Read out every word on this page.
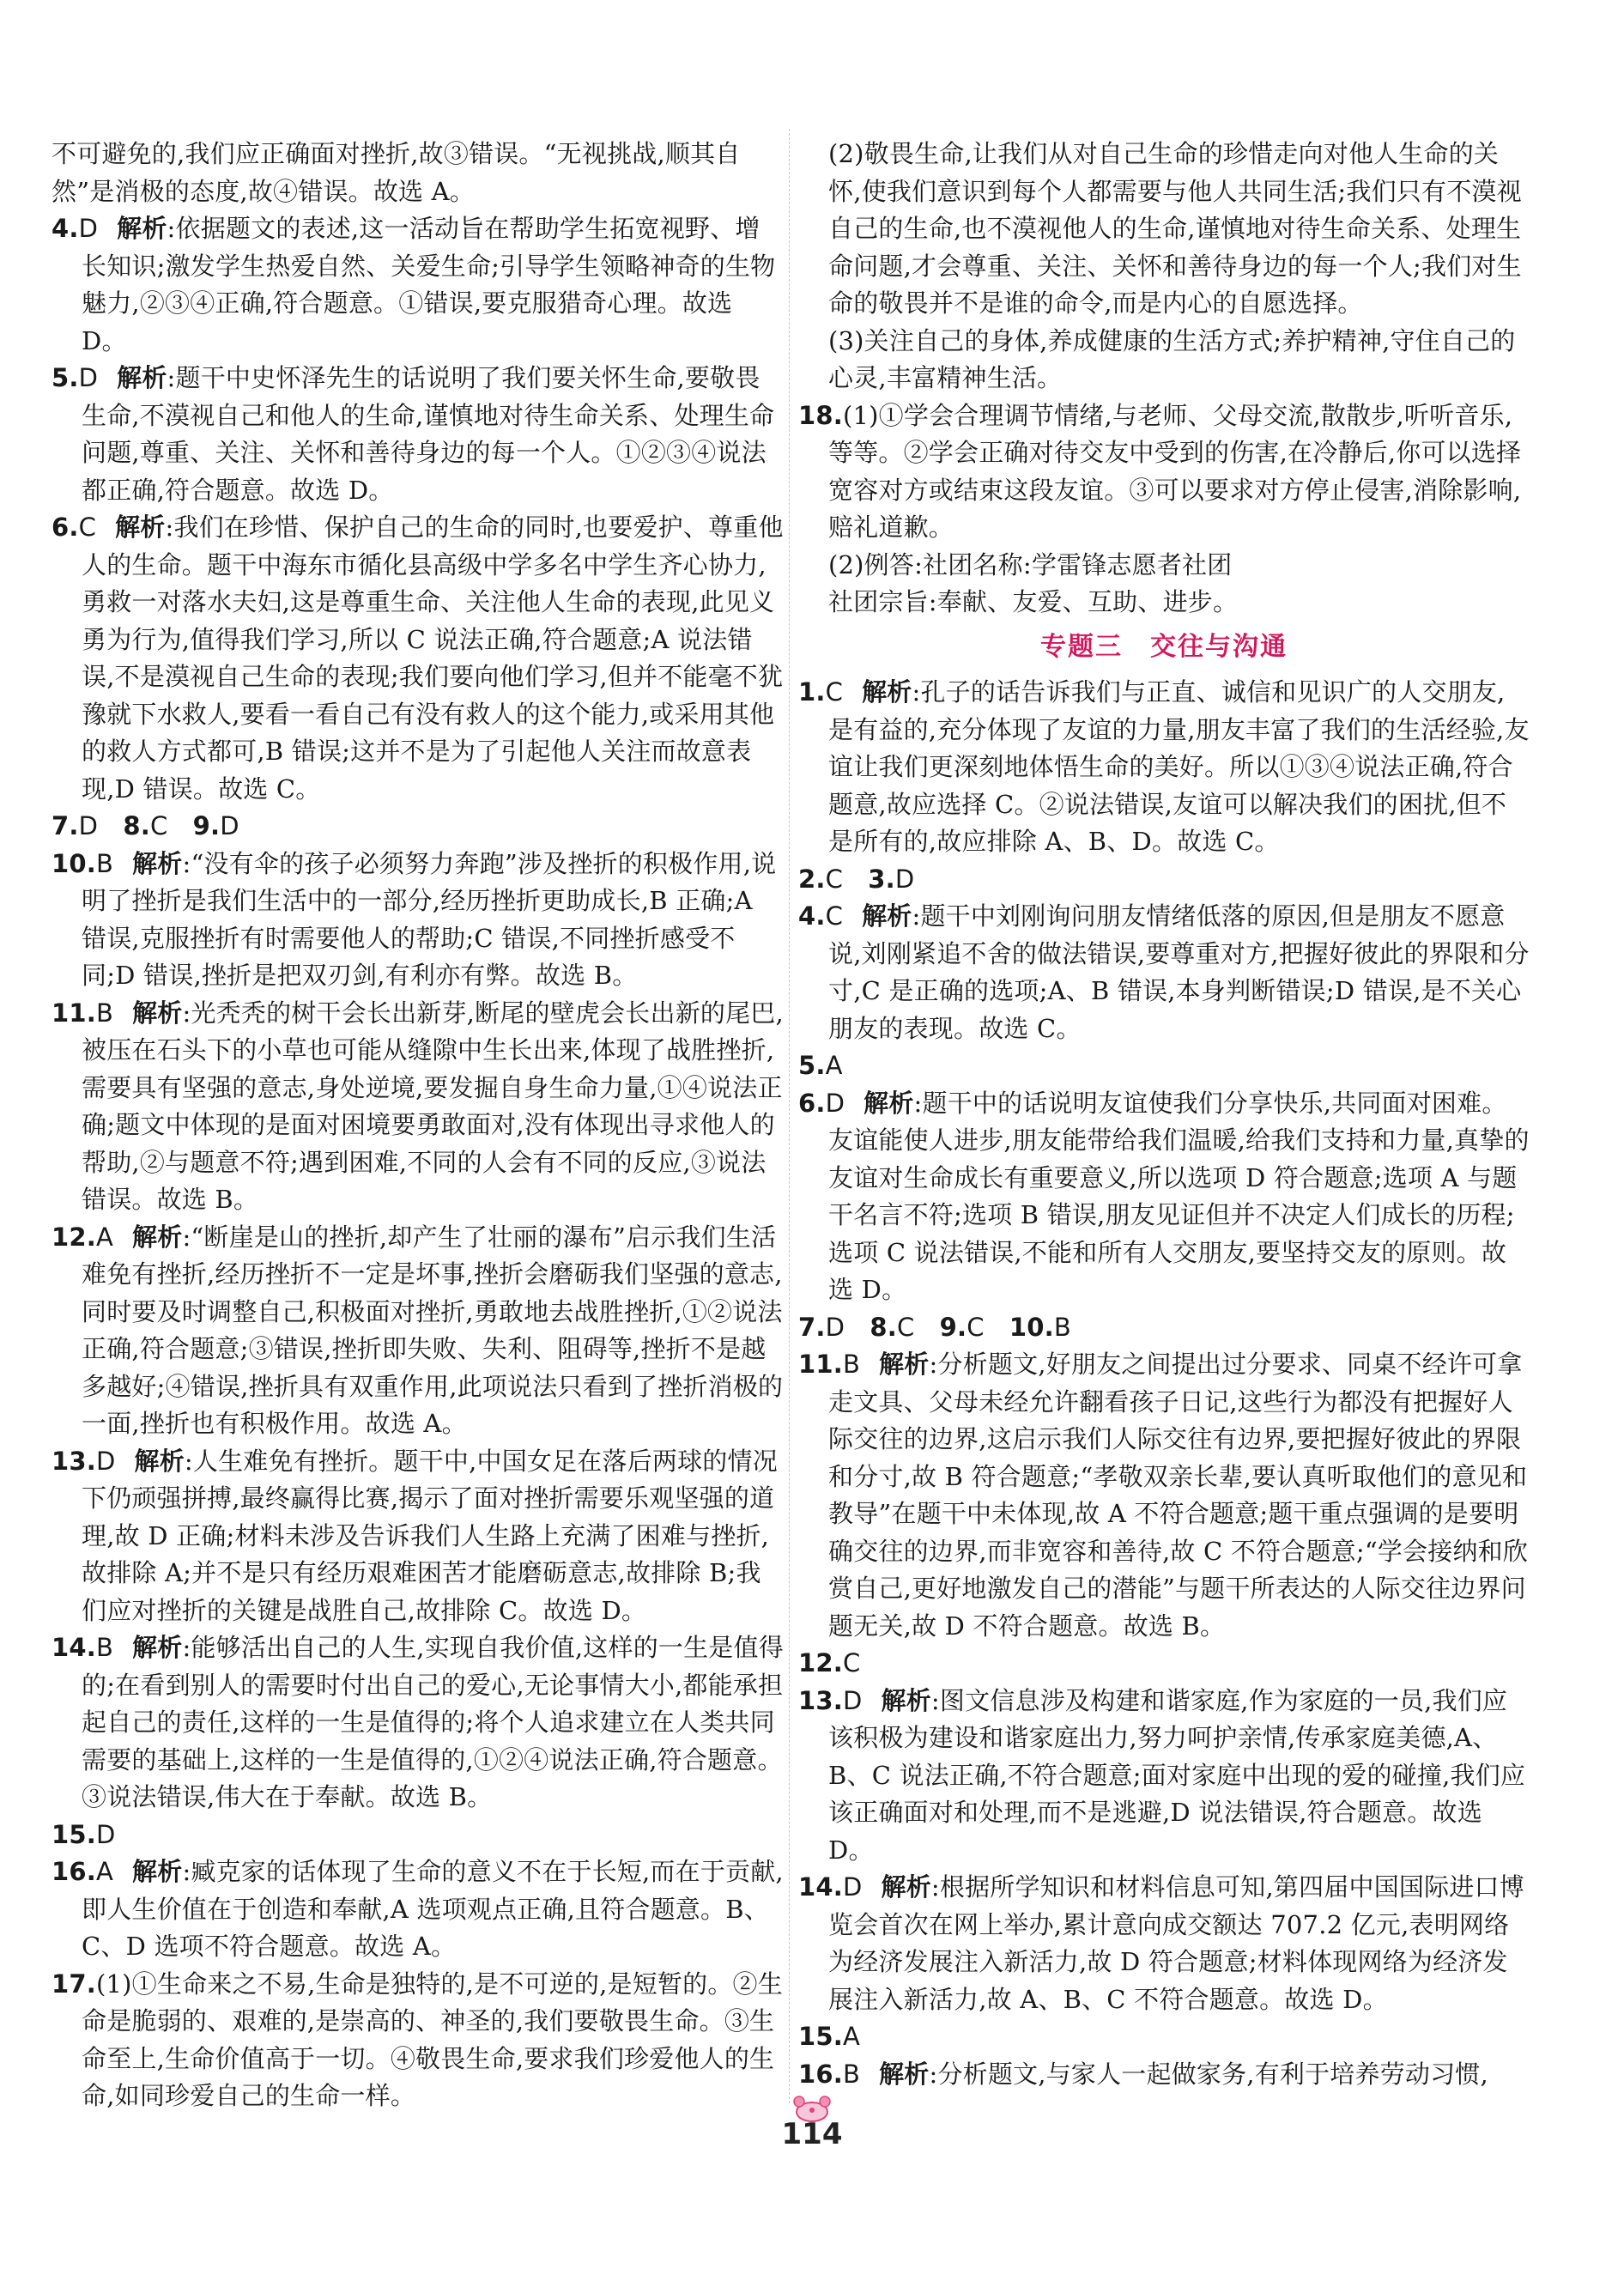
不可避免的,我们应正确面对挫折,故③错误。“无视挑战,顺其自然”是消极的态度,故④错误。故选 A。

4.D 解析:依据题文的表述,这一活动旨在帮助学生拓宽视野、增长知识;激发学生热爱自然、关爱生命;引导学生领略神奇的生物魅力,②③④正确,符合题意。①错误,要克服猎奇心理。故选 D。

5.D 解析:题干中史怀泽先生的话说明了我们要关怀生命,要敬畏生命,不漠视自己和他人的生命,谨慎地对待生命关系、处理生命问题,尊重、关注、关怀和善待身边的每一个人。①②③④说法都正确,符合题意。故选 D。

6.C 解析:我们在珍惜、保护自己的生命的同时,也要爱护、尊重他人的生命。题干中海东市循化县高级中学多名中学生齐心协力,勇救一对落水夫妇,这是尊重生命、关注他人生命的表现,此见义勇为行为,值得我们学习,所以 C 说法正确,符合题意;A 说法错误,不是漠视自己生命的表现;我们要向他们学习,但并不能毫不犹豫就下水救人,要看一看自己有没有救人的这个能力,或采用其他的救人方式都可,B 错误;这并不是为了引起他人关注而故意表现,D 错误。故选 C。

7.D　 8.C　 9.D

10.B 解析:“没有伞的孩子必须努力奔跑”涉及挫折的积极作用,说明了挫折是我们生活中的一部分,经历挫折更助成长,B 正确;A 错误,克服挫折有时需要他人的帮助;C 错误,不同挫折感受不同;D 错误,挫折是把双刃剑,有利亦有弊。故选 B。

11.B 解析:光秃秃的树干会长出新芽,断尾的壁虎会长出新的尾巴,被压在石头下的小草也可能从缝隙中生长出来,体现了战胜挫折,需要具有坚强的意志,身处逆境,要发掘自身生命力量,①④说法正确;题文中体现的是面对困境要勇敢面对,没有体现出寻求他人的帮助,②与题意不符;遇到困难,不同的人会有不同的反应,③说法错误。故选 B。

12.A 解析:“断崖是山的挫折,却产生了壮丽的瀑布”启示我们生活难免有挫折,经历挫折不一定是坏事,挫折会磨砺我们坚强的意志,同时要及时调整自己,积极面对挫折,勇敢地去战胜挫折,①②说法正确,符合题意;③错误,挫折即失败、失利、阻碍等,挫折不是越多越好;④错误,挫折具有双重作用,此项说法只看到了挫折消极的一面,挫折也有积极作用。故选 A。

13.D 解析:人生难免有挫折。题干中,中国女足在落后两球的情况下仍顽强拼搏,最终赢得比赛,揭示了面对挫折需要乐观坚强的道理,故 D 正确;材料未涉及告诉我们人生路上充满了困难与挫折,故排除 A;并不是只有经历艰难困苦才能磨砺意志,故排除 B;我们应对挫折的关键是战胜自己,故排除 C。故选 D。

14.B 解析:能够活出自己的人生,实现自我价值,这样的一生是值得的;在看到别人的需要时付出自己的爱心,无论事情大小,都能承担起自己的责任,这样的一生是值得的;将个人追求建立在人类共同需要的基础上,这样的一生是值得的,①②④说法正确,符合题意。③说法错误,伟大在于奉献。故选 B。

15.D

16.A 解析:臧克家的话体现了生命的意义不在于长短,而在于贡献,即人生价值在于创造和奉献,A 选项观点正确,且符合题意。B、C、D 选项不符合题意。故选 A。

17.(1)①生命来之不易,生命是独特的,是不可逆的,是短暂的。②生命是脆弱的、艰难的,是崇高的、神圣的,我们要敬畏生命。③生命至上,生命价值高于一切。④敬畏生命,要求我们珍爱他人的生命,如同珍爱自己的生命一样。

(2)敬畏生命,让我们从对自己生命的珍惜走向对他人生命的关怀,使我们意识到每个人都需要与他人共同生活;我们只有不漠视自己的生命,也不漠视他人的生命,谨慎地对待生命关系、处理生命问题,才会尊重、关注、关怀和善待身边的每一个人;我们对生命的敬畏并不是谁的命令,而是内心的自愿选择。

(3)关注自己的身体,养成健康的生活方式;养护精神,守住自己的心灵,丰富精神生活。

18.(1)①学会合理调节情绪,与老师、父母交流,散散步,听听音乐,等等。②学会正确对待交友中受到的伤害,在冷静后,你可以选择宽容对方或结束这段友谊。③可以要求对方停止侵害,消除影响,赔礼道歉。

(2)例答:社团名称:学雷锋志愿者社团

社团宗旨:奉献、友爱、互助、进步。

专题三　交往与沟通

1.C 解析:孔子的话告诉我们与正直、诚信和见识广的人交朋友,是有益的,充分体现了友谊的力量,朋友丰富了我们的生活经验,友谊让我们更深刻地体悟生命的美好。所以①③④说法正确,符合题意,故应选择 C。②说法错误,友谊可以解决我们的困扰,但不是所有的,故应排除 A、B、D。故选 C。

2.C　 3.D

4.C 解析:题干中刘刚询问朋友情绪低落的原因,但是朋友不愿意说,刘刚紧追不舍的做法错误,要尊重对方,把握好彼此的界限和分寸,C 是正确的选项;A、B 错误,本身判断错误;D 错误,是不关心朋友的表现。故选 C。

5.A

6.D 解析:题干中的话说明友谊使我们分享快乐,共同面对困难。友谊能使人进步,朋友能带给我们温暖,给我们支持和力量,真挚的友谊对生命成长有重要意义,所以选项 D 符合题意;选项 A 与题干名言不符;选项 B 错误,朋友见证但并不决定人们成长的历程;选项 C 说法错误,不能和所有人交朋友,要坚持交友的原则。故选 D。

7.D　 8.C　 9.C　 10.B

11.B 解析:分析题文,好朋友之间提出过分要求、同桌不经许可拿走文具、父母未经允许翻看孩子日记,这些行为都没有把握好人际交往的边界,这启示我们人际交往有边界,要把握好彼此的界限和分寸,故 B 符合题意;“孝敬双亲长辈,要认真听取他们的意见和教导”在题干中未体现,故 A 不符合题意;题干重点强调的是要明确交往的边界,而非宽容和善待,故 C 不符合题意;“学会接纳和欣赏自己,更好地激发自己的潜能”与题干所表达的人际交往边界问题无关,故 D 不符合题意。故选 B。

12.C

13.D 解析:图文信息涉及构建和谐家庭,作为家庭的一员,我们应该积极为建设和谐家庭出力,努力呵护亲情,传承家庭美德,A、B、C 说法正确,不符合题意;面对家庭中出现的爱的碰撞,我们应该正确面对和处理,而不是逃避,D 说法错误,符合题意。故选 D。

14.D 解析:根据所学知识和材料信息可知,第四届中国国际进口博览会首次在网上举办,累计意向成交额达 707.2 亿元,表明网络为经济发展注入新活力,故 D 符合题意;材料体现网络为经济发展注入新活力,故 A、B、C 不符合题意。故选 D。

15.A

16.B 解析:分析题文,与家人一起做家务,有利于培养劳动习惯,

114
